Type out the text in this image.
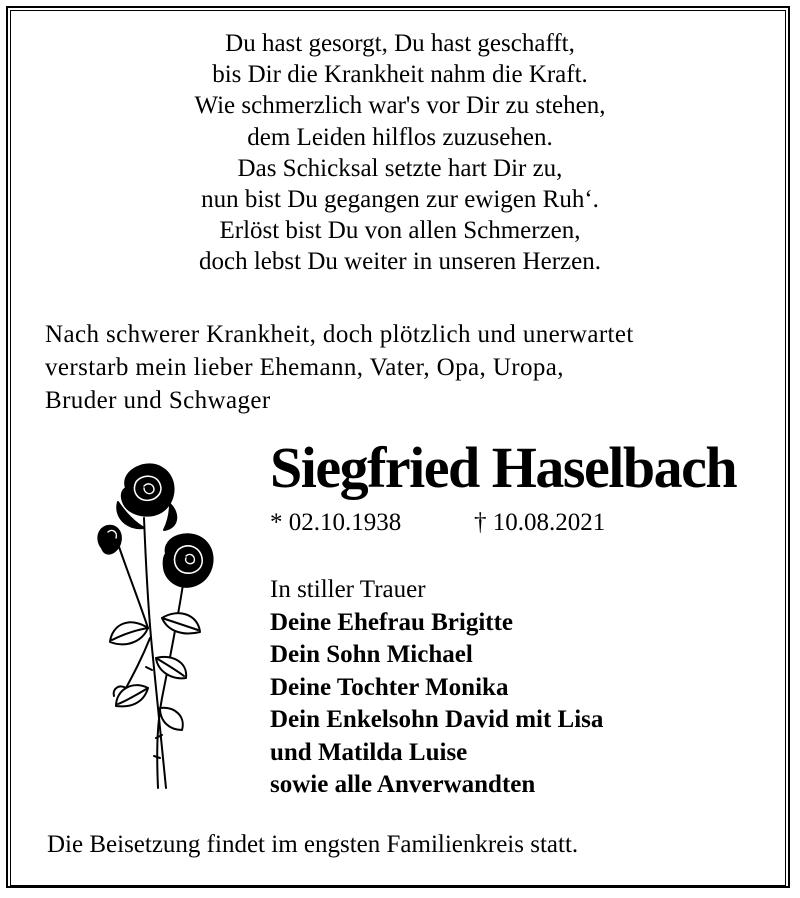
Du hast gesorgt, Du hast geschafft,
bis Dir die Krankheit nahm die Kraft.
Wie schmerzlich war's vor Dir zu stehen,
dem Leiden hilflos zuzusehen.
Das Schicksal setzte hart Dir zu,
nun bist Du gegangen zur ewigen Ruh‘.
Erlöst bist Du von allen Schmerzen,
doch lebst Du weiter in unseren Herzen.
Nach schwerer Krankheit, doch plötzlich und unerwartet
verstarb mein lieber Ehemann, Vater, Opa, Uropa,
Bruder und Schwager
Siegfried Haselbach
* 02.10.1938	† 10.08.2021
In stiller Trauer
Deine Ehefrau Brigitte
Dein Sohn Michael
Deine Tochter Monika
Dein Enkelsohn David mit Lisa
und Matilda Luise
sowie alle Anverwandten
Die Beisetzung findet im engsten Familienkreis statt.
